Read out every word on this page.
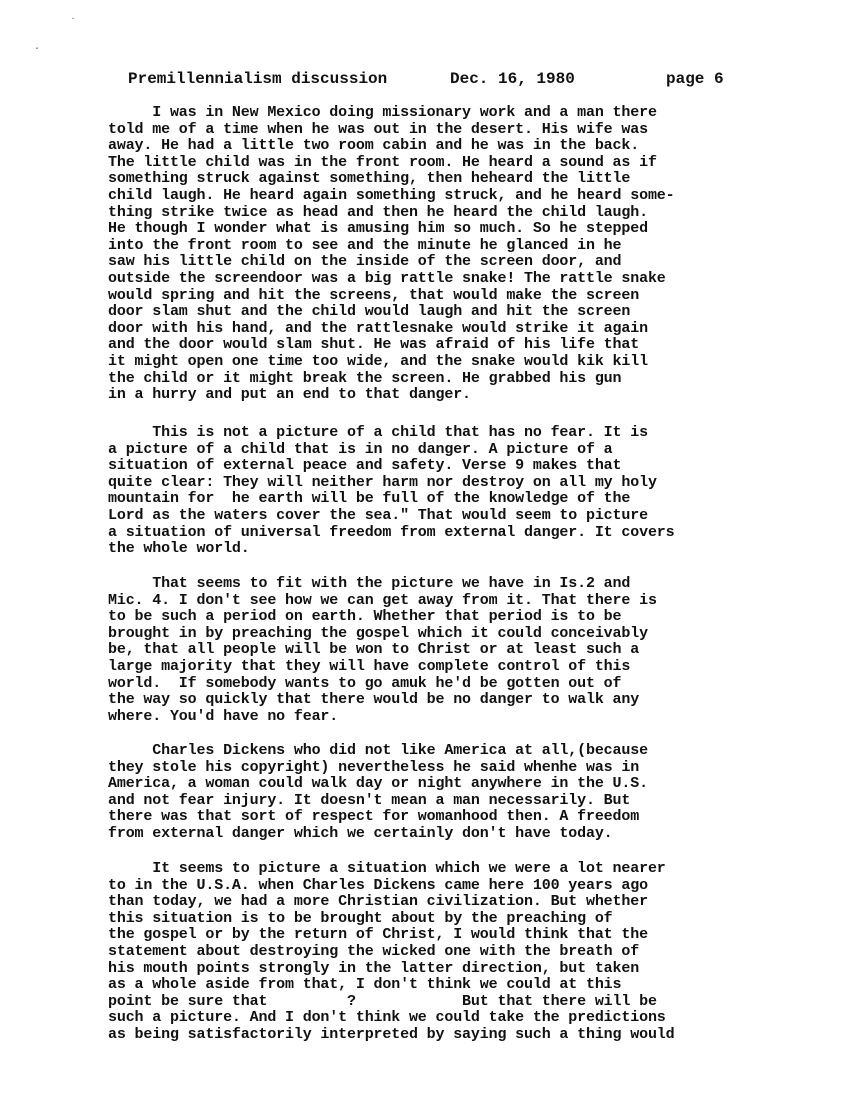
´
·

Premillennialism discussion

	Dec. 16, 1980

	page 6

I was in New Mexico doing missionary work and a man there
told me of a time when he was out in the desert. His wife was
away. He had a little two room cabin and he was in the back.
The little child was in the front room. He heard a sound as if
something struck against something, then heheard the little
child laugh. He heard again something struck, and he heard some-
thing strike twice as head and then he heard the child laugh.
He though I wonder what is amusing him so much. So he stepped
into the front room to see and the minute he glanced in he
saw his little child on the inside of the screen door, and
outside the screendoor was a big rattle snake! The rattle snake
would spring and hit the screens, that would make the screen
door slam shut and the child would laugh and hit the screen
door with his hand, and the rattlesnake would strike it again
and the door would slam shut. He was afraid of his life that
it might open one time too wide, and the snake would kik kill
the child or it might break the screen. He grabbed his gun
in a hurry and put an end to that danger.
This is not a picture of a child that has no fear. It is
a picture of a child that is in no danger. A picture of a
situation of external peace and safety. Verse 9 makes that
quite clear: They will neither harm nor destroy on all my holy
mountain for  he earth will be full of the knowledge of the
Lord as the waters cover the sea." That would seem to picture
a situation of universal freedom from external danger. It covers
the whole world.
That seems to fit with the picture we have in Is.2 and
Mic. 4. I don't see how we can get away from it. That there is
to be such a period on earth. Whether that period is to be
brought in by preaching the gospel which it could conceivably
be, that all people will be won to Christ or at least such a
large majority that they will have complete control of this
world.  If somebody wants to go amuk he'd be gotten out of
the way so quickly that there would be no danger to walk any
where. You'd have no fear.
Charles Dickens who did not like America at all,(because
they stole his copyright) nevertheless he said whenhe was in
America, a woman could walk day or night anywhere in the U.S.
and not fear injury. It doesn't mean a man necessarily. But
there was that sort of respect for womanhood then. A freedom
from external danger which we certainly don't have today.
It seems to picture a situation which we were a lot nearer
to in the U.S.A. when Charles Dickens came here 100 years ago
than today, we had a more Christian civilization. But whether
this situation is to be brought about by the preaching of
the gospel or by the return of Christ, I would think that the
statement about destroying the wicked one with the breath of
his mouth points strongly in the latter direction, but taken
as a whole aside from that, I don't think we could at this
point be sure that         ?            But that there will be
such a picture. And I don't think we could take the predictions
as being satisfactorily interpreted by saying such a thing would
